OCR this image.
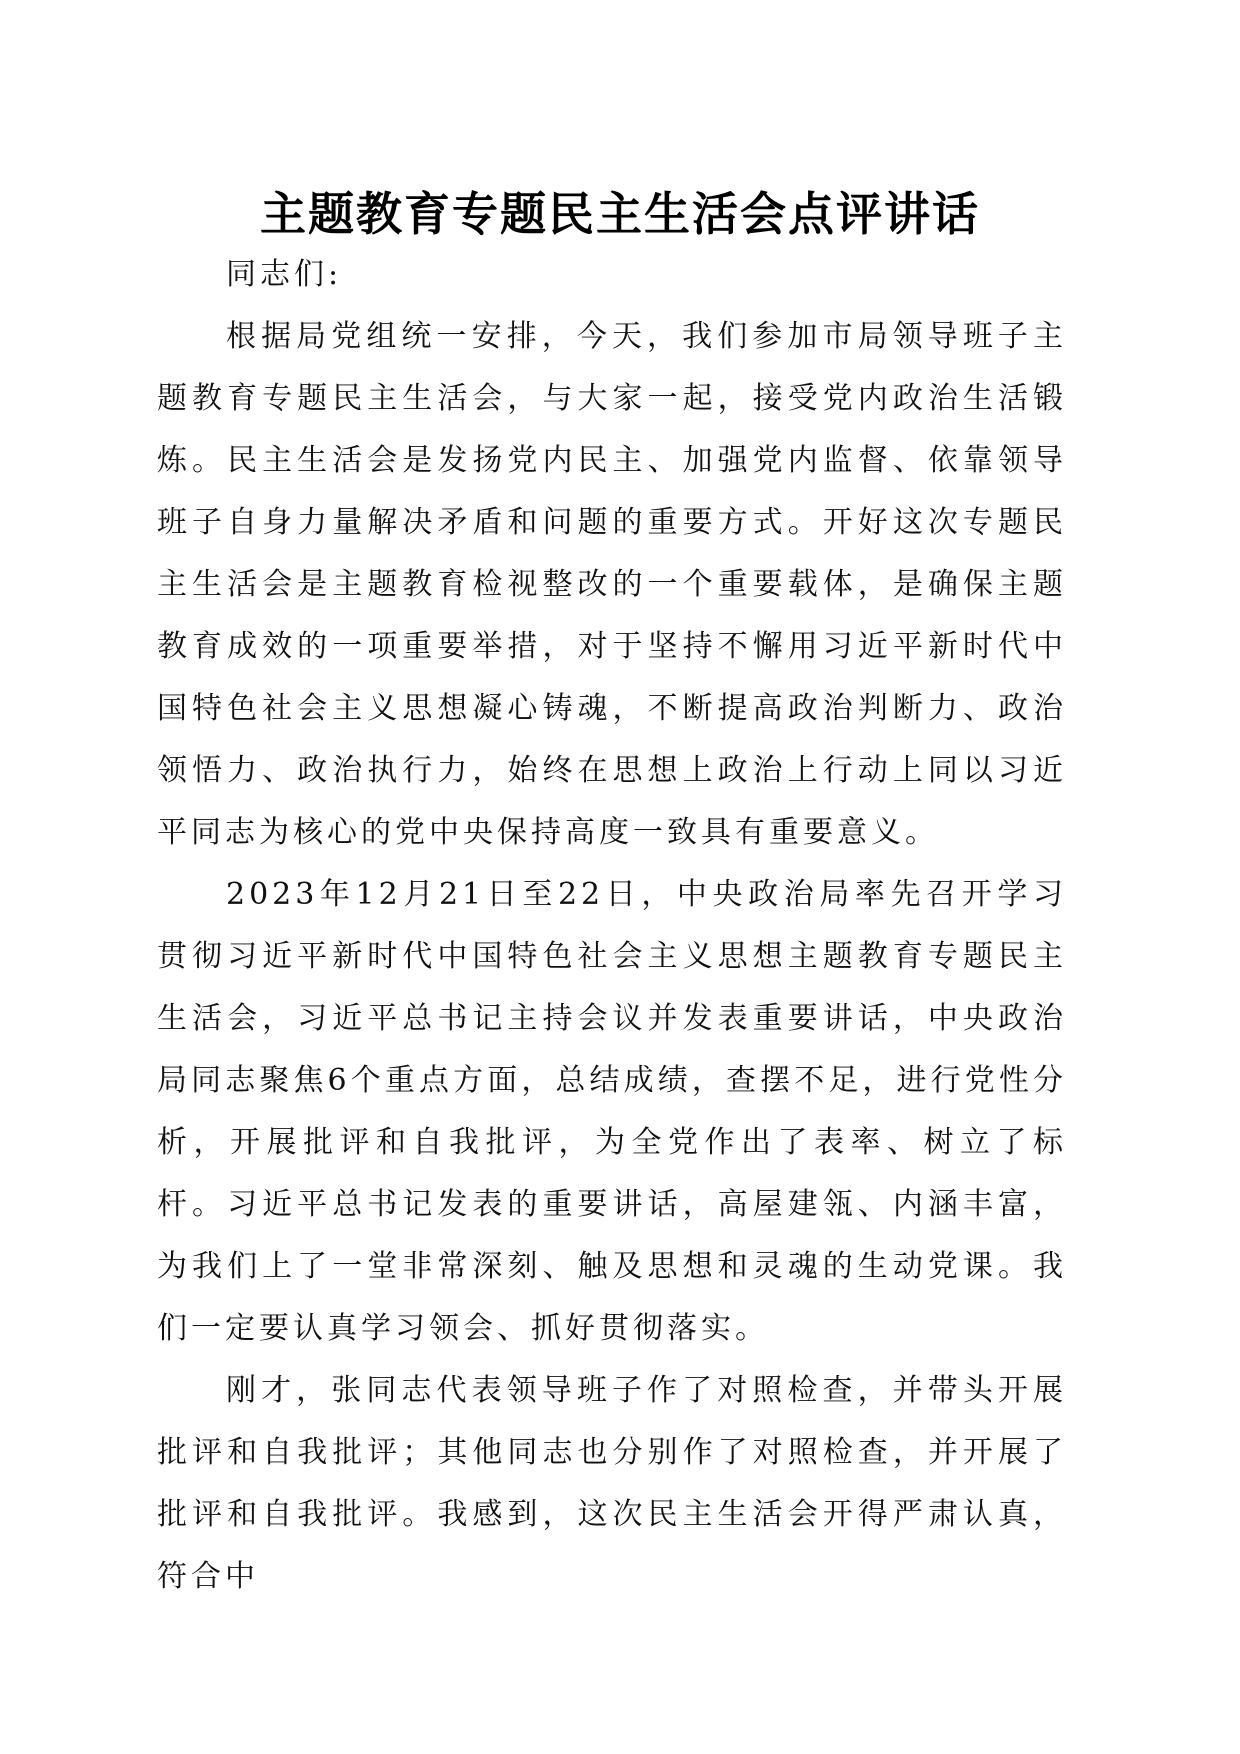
主题教育专题民主生活会点评讲话

同志们:

根据局党组统一安排，今天，我们参加市局领导班子主题教育专题民主生活会，与大家一起，接受党内政治生活锻炼。民主生活会是发扬党内民主、加强党内监督、依靠领导班子自身力量解决矛盾和问题的重要方式。开好这次专题民主生活会是主题教育检视整改的一个重要载体，是确保主题教育成效的一项重要举措，对于坚持不懈用习近平新时代中国特色社会主义思想凝心铸魂，不断提高政治判断力、政治领悟力、政治执行力，始终在思想上政治上行动上同以习近平同志为核心的党中央保持高度一致具有重要意义。

2023年12月21日至22日，中央政治局率先召开学习贯彻习近平新时代中国特色社会主义思想主题教育专题民主生活会，习近平总书记主持会议并发表重要讲话，中央政治局同志聚焦6个重点方面，总结成绩，查摆不足，进行党性分析，开展批评和自我批评，为全党作出了表率、树立了标杆。习近平总书记发表的重要讲话，高屋建瓴、内涵丰富，为我们上了一堂非常深刻、触及思想和灵魂的生动党课。我们一定要认真学习领会、抓好贯彻落实。

刚才，张同志代表领导班子作了对照检查，并带头开展批评和自我批评；其他同志也分别作了对照检查，并开展了批评和自我批评。我感到，这次民主生活会开得严肃认真，符合中
